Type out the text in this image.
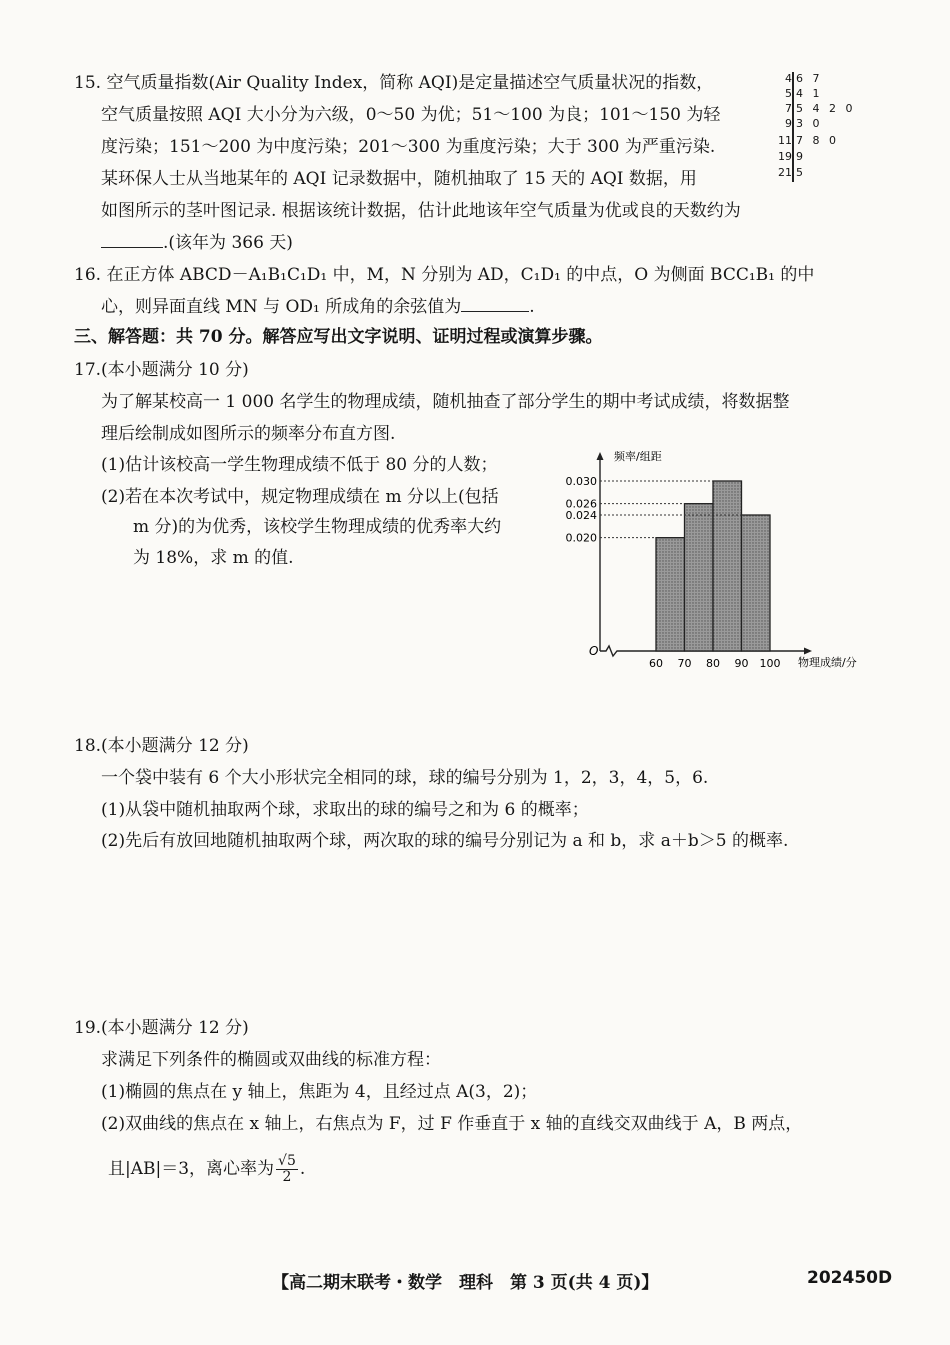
15. 空气质量指数(Air Quality Index，简称 AQI)是定量描述空气质量状况的指数，
空气质量按照 AQI 大小分为六级，0～50 为优；51～100 为良；101～150 为轻
度污染；151～200 为中度污染；201～300 为重度污染；大于 300 为严重污染.
某环保人士从当地某年的 AQI 记录数据中，随机抽取了 15 天的 AQI 数据，用
如图所示的茎叶图记录. 根据该统计数据，估计此地该年空气质量为优或良的天数约为
.(该年为 366 天)
4 6 7
5 4 1
7 5 4 2 0
9 3 0
11 7 8 0
19 9
21 5
16. 在正方体 ABCD－A₁B₁C₁D₁ 中，M，N 分别为 AD，C₁D₁ 的中点，O 为侧面 BCC₁B₁ 的中
心，则异面直线 MN 与 OD₁ 所成角的余弦值为	.
三、解答题：共 70 分。解答应写出文字说明、证明过程或演算步骤。
17.(本小题满分 10 分)
为了解某校高一 1 000 名学生的物理成绩，随机抽查了部分学生的期中考试成绩，将数据整
理后绘制成如图所示的频率分布直方图.
(1)估计该校高一学生物理成绩不低于 80 分的人数；
(2)若在本次考试中，规定物理成绩在 m 分以上(包括
m 分)的为优秀，该校学生物理成绩的优秀率大约
为 18%，求 m 的值.
频率/组距
物理成绩/分
O
0.030
0.026
0.024
0.020
60 70 80 90 100
18.(本小题满分 12 分)
一个袋中装有 6 个大小形状完全相同的球，球的编号分别为 1，2，3，4，5，6.
(1)从袋中随机抽取两个球，求取出的球的编号之和为 6 的概率；
(2)先后有放回地随机抽取两个球，两次取的球的编号分别记为 a 和 b，求 a＋b＞5 的概率.
19.(本小题满分 12 分)
求满足下列条件的椭圆或双曲线的标准方程：
(1)椭圆的焦点在 y 轴上，焦距为 4，且经过点 A(3，2)；
(2)双曲线的焦点在 x 轴上，右焦点为 F，过 F 作垂直于 x 轴的直线交双曲线于 A，B 两点，
且|AB|＝3，离心率为 $\frac{√5}{2}$ .
【高二期末联考・数学　理科　第 3 页(共 4 页)】	202450D
